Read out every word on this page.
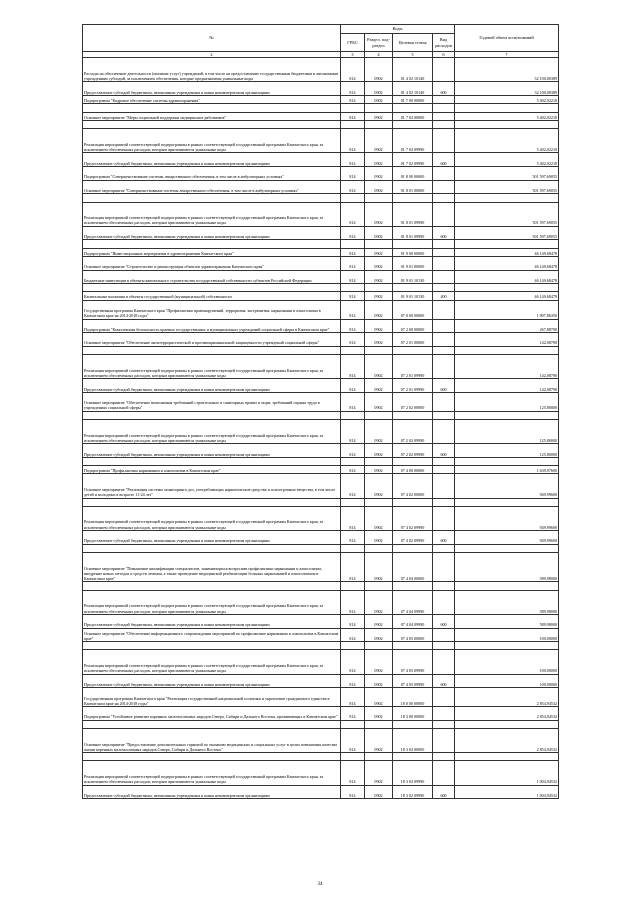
№	Коды				Годовой объем ассигнований
	ГРБС	Раздел, под-раздел	Целевая статья	Вид расходов	
2	3	4	5	6	7
Расходы на обеспечение деятельности (оказание услуг) учреждений, в том числе на предоставление государственным бюджетным и автономным учреждениям субсидий, за исключением обеспечения, которые предназначены уникальные коды	814	0902	01 4 02 10140		32 100,00389
Предоставление субсидий бюджетным, автономным учреждениям и иным некоммерческим организациям	814	0902	01 4 02 10140	600	32 100,00389
Подпрограмма "Кадровое обеспечение системы здравоохранения"	814	0902	01 7 00 00000		5 402,02210

Основное мероприятие "Меры социальной поддержки медицинских работников"	814	0902	01 7 02 00000		5 402,02210

Реализация мероприятий соответствующей подпрограммы в рамках соответствующей государственной программы Камчатского края, за исключением обеспеченных расходов, которым присваиваются уникальные коды	814	0902	01 7 02 09990		5 402,02210
Предоставление субсидий бюджетным, автономным учреждениям и иным некоммерческим организациям	814	0902	01 7 02 09990	600	5 402,02210
Подпрограмма "Совершенствование системы лекарственного обеспечения, в том числе в амбулаторных условиях"	814	0902	01 8 00 00000		501 597,69055
Основное мероприятие "Совершенствование системы лекарственного обеспечения, в том числе в амбулаторных условиях"	814	0902	01 8 01 00000		501 597,69055

Реализация мероприятий соответствующей подпрограммы в рамках соответствующей государственной программы Камчатского края, за исключением обеспеченных расходов, которым присваиваются уникальные коды	814	0902	01 8 01 09990		501 597,69055
Предоставление субсидий бюджетным, автономным учреждениям и иным некоммерческим организациям	814	0902	01 8 01 09990	600	501 597,69055

Подпрограмма "Инвестиционные мероприятия в здравоохранении Камчатского края"	814	0902	01 9 00 00000		46 149,68478
Основное мероприятие "Строительство и реконструкция объектов здравоохранения Камчатского края"	814	0902	01 9 01 00000		46 149,68478
Бюджетные инвестиции в объекты капитального строительства государственной собственности субъектов Российской Федерации	814	0902	01 9 01 10130		46 149,68478

Капитальные вложения в объекты государственной (муниципальной) собственности	814	0902	01 9 01 10130	400	46 149,68478
Государственная программа Камчатского края "Профилактика правонарушений, терроризма, экстремизма, наркомании и алкоголизма в Камчатском крае на 2014-2018 годы"	814	0902	07 0 00 00000		1 907,86350
Подпрограмма "Комплексная безопасность краевых государственных и муниципальных учреждений социальной сферы в Камчатском крае"	814	0902	07 2 00 00000		267,88790
Основное мероприятие "Обеспечение антитеррористической и противокриминальной защищенности учреждений социальной сферы"	814	0902	07 2 01 00000		142,08790

Реализация мероприятий соответствующей подпрограммы в рамках соответствующей государственной программы Камчатского края, за исключением обеспеченных расходов, которым присваиваются уникальные коды	814	0902	07 2 01 09990		142,08790
Предоставление субсидий бюджетным, автономным учреждениям и иным некоммерческим организациям	814	0902	07 2 01 09990	600	142,08790
Основное мероприятие "Обеспечение выполнения требований строительных и санитарных правил и норм, требований охраны труда в учреждениях социальной сферы"	814	0902	07 2 02 00000		125,80000

Реализация мероприятий соответствующей подпрограммы в рамках соответствующей государственной программы Камчатского края, за исключением обеспеченных расходов, которым присваиваются уникальные коды	814	0902	07 2 02 09990		125,80000
Предоставление субсидий бюджетным, автономным учреждениям и иным некоммерческим организациям	814	0902	07 2 02 09990	600	125,80000

Подпрограмма "Профилактика наркомании и алкоголизма в Камчатском крае"	814	0902	07 4 00 00000		1 639,97600
Основное мероприятие "Реализация системы мониторинга доз, употребляющих наркотические средства и психотропные вещества, в том числе детей и молодежи в возрасте 11-24 лет"	814	0902	07 4 02 00000		949,99600

Реализация мероприятий соответствующей подпрограммы в рамках соответствующей государственной программы Камчатского края, за исключением обеспеченных расходов, которым присваиваются уникальные коды	814	0902	07 4 02 09990		949,99600
Предоставление субсидий бюджетным, автономным учреждениям и иным некоммерческим организациям	814	0902	07 4 02 09990	600	949,99600

Основное мероприятие "Повышение квалификации специалистов, занимающихся вопросами профилактики наркомании и алкоголизма, внедрение новых методов и средств лечения, а также проведение медицинской реабилитации больных наркоманией и алкоголизмом в Камчатском крае"	814	0902	07 4 04 00000		589,98000

Реализация мероприятий соответствующей подпрограммы в рамках соответствующей государственной программы Камчатского края, за исключением обеспеченных расходов, которым присваиваются уникальные коды	814	0902	07 4 04 09990		589,98000
Предоставление субсидий бюджетным, автономным учреждениям и иным некоммерческим организациям	814	0902	07 4 04 09990	600	589,98000
Основное мероприятие "Обеспечение информационного сопровождения мероприятий по профилактике наркомании и алкоголизма в Камчатском крае"	814	0902	07 4 05 00000		100,00000

Реализация мероприятий соответствующей подпрограммы в рамках соответствующей государственной программы Камчатского края, за исключением обеспеченных расходов, которым присваиваются уникальные коды	814	0902	07 4 05 09990		100,00000
Предоставление субсидий бюджетным, автономным учреждениям и иным некоммерческим организациям	814	0902	07 4 05 09990	600	100,00000
Государственная программа Камчатского края "Реализация государственной национальной политики и укрепление гражданского единства в Камчатском крае на 2014-2018 годы"	814	0902	18 0 00 00000		2 854,94532
Подпрограмма "Устойчивое развитие коренных малочисленных народов Севера, Сибири и Дальнего Востока, проживающих в Камчатском крае"	814	0902	18 3 00 00000		2 854,94532

Основное мероприятие "Предоставление дополнительных гарантий по оказанию медицинских и социальных услуг в целях повышения качества жизни коренных малочисленных народов Севера, Сибири и Дальнего Востока"	814	0902	18 3 02 00000		2 854,94532

Реализация мероприятий соответствующей подпрограммы в рамках соответствующей государственной программы Камчатского края, за исключением обеспеченных расходов, которым присваиваются уникальные коды	814	0902	18 3 02 09990		1 004,94532
Предоставление субсидий бюджетным, автономным учреждениям и иным некоммерческим организациям	814	0902	18 3 02 09990	600	1 004,94532
34
